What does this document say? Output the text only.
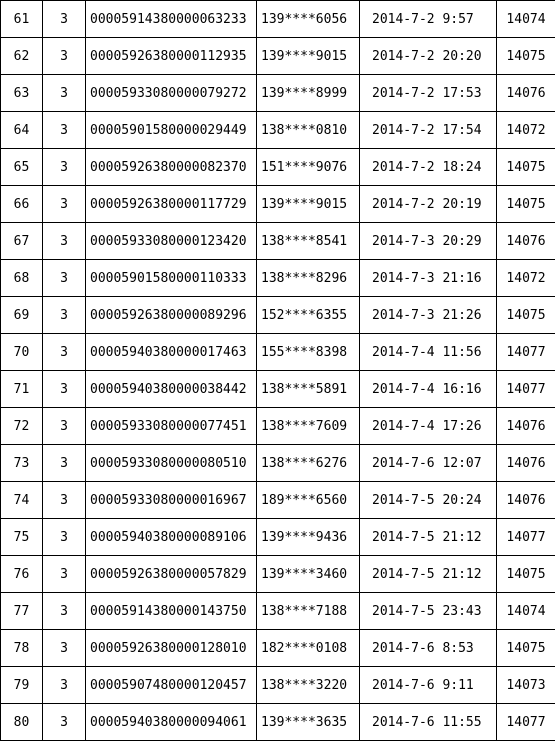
61	3	00005914380000063233	139****6056	2014-7-2 9:57	14074
62	3	00005926380000112935	139****9015	2014-7-2 20:20	14075
63	3	00005933080000079272	139****8999	2014-7-2 17:53	14076
64	3	00005901580000029449	138****0810	2014-7-2 17:54	14072
65	3	00005926380000082370	151****9076	2014-7-2 18:24	14075
66	3	00005926380000117729	139****9015	2014-7-2 20:19	14075
67	3	00005933080000123420	138****8541	2014-7-3 20:29	14076
68	3	00005901580000110333	138****8296	2014-7-3 21:16	14072
69	3	00005926380000089296	152****6355	2014-7-3 21:26	14075
70	3	00005940380000017463	155****8398	2014-7-4 11:56	14077
71	3	00005940380000038442	138****5891	2014-7-4 16:16	14077
72	3	00005933080000077451	138****7609	2014-7-4 17:26	14076
73	3	00005933080000080510	138****6276	2014-7-6 12:07	14076
74	3	00005933080000016967	189****6560	2014-7-5 20:24	14076
75	3	00005940380000089106	139****9436	2014-7-5 21:12	14077
76	3	00005926380000057829	139****3460	2014-7-5 21:12	14075
77	3	00005914380000143750	138****7188	2014-7-5 23:43	14074
78	3	00005926380000128010	182****0108	2014-7-6 8:53	14075
79	3	00005907480000120457	138****3220	2014-7-6 9:11	14073
80	3	00005940380000094061	139****3635	2014-7-6 11:55	14077
